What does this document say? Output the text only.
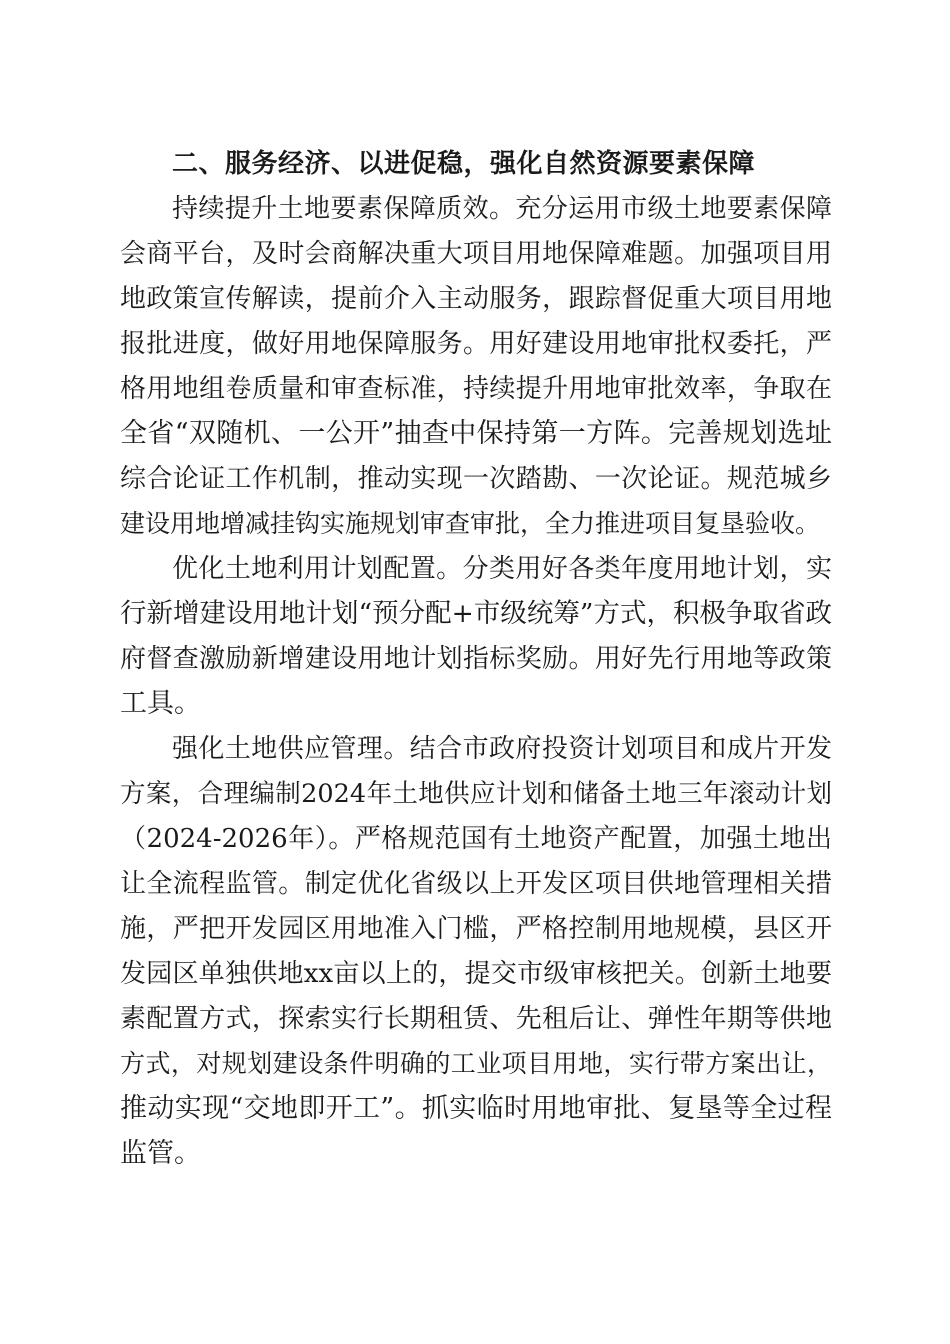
二、服务经济、以进促稳，强化自然资源要素保障
持续提升土地要素保障质效。充分运用市级土地要素保障
会商平台，及时会商解决重大项目用地保障难题。加强项目用
地政策宣传解读，提前介入主动服务，跟踪督促重大项目用地
报批进度，做好用地保障服务。用好建设用地审批权委托，严
格用地组卷质量和审查标准，持续提升用地审批效率，争取在
全省“双随机、一公开”抽查中保持第一方阵。完善规划选址
综合论证工作机制，推动实现一次踏勘、一次论证。规范城乡
建设用地增减挂钩实施规划审查审批，全力推进项目复垦验收。
优化土地利用计划配置。分类用好各类年度用地计划，实
行新增建设用地计划“预分配+市级统筹”方式，积极争取省政
府督查激励新增建设用地计划指标奖励。用好先行用地等政策
工具。
强化土地供应管理。结合市政府投资计划项目和成片开发
方案，合理编制2024年土地供应计划和储备土地三年滚动计划
（2024-2026年）。严格规范国有土地资产配置，加强土地出
让全流程监管。制定优化省级以上开发区项目供地管理相关措
施，严把开发园区用地准入门槛，严格控制用地规模，县区开
发园区单独供地xx亩以上的，提交市级审核把关。创新土地要
素配置方式，探索实行长期租赁、先租后让、弹性年期等供地
方式，对规划建设条件明确的工业项目用地，实行带方案出让，
推动实现“交地即开工”。抓实临时用地审批、复垦等全过程
监管。
